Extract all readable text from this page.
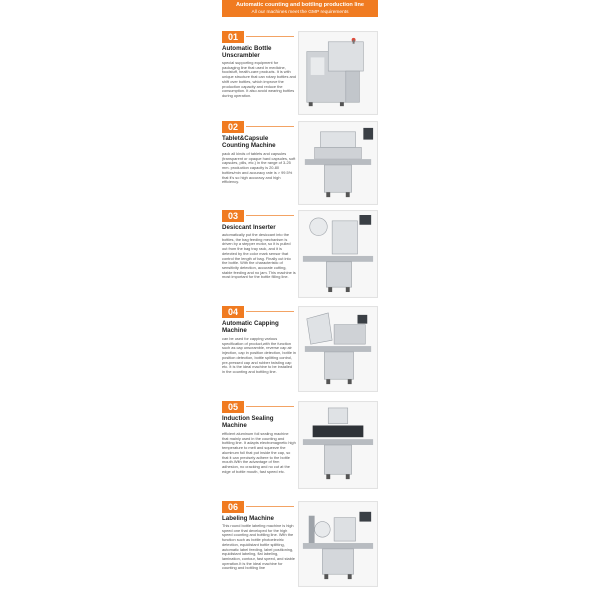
Automatic counting and bottling production line
All our machines meet the GMP requirements
01
Automatic Bottle Unscrambler
special supporting equipment for packaging line that used in medicine, foodstuff, health-care products. It is with unique structure that can rotary bottles and shift over bottles, which improve the production capacity and reduce the consumption. It also avoid wearing bottles during operation.
02
Tablet&Capsule Counting Machine
pack all kinds of tablets and capsules (transparent or opaque hard capsules, soft capsules, pills, etc.) in the range of 3-25 mm. production capacity is 20-80 bottles/min and accuracy rate is > 99.5% that it's so high accuracy and high efficiency.
03
Desiccant Inserter
automatically put the desiccant into the bottles, the bag feeding mechanism is driven by a stepper motor, so it is pulled out from the bag tray rack, and it is detected by the color mark sensor that control the length of bag. Finally cut into the bottle. With the characteristic of sensitivity detection, accurate cutting, stable feeding and no jam. This machine is most important for the bottle filling line.
04
Automatic Capping Machine
can be used for capping various specification of product,with the function such as cap unscramble, reverse cap air injection, cap in position detection, bottle in position detection, bottle splitting control, pre-pressed cap and rubber twisting cap etc. It is the ideal machine to be installed in the counting and bottling line.
05
Induction Sealing Machine
efficient aluminum foil sealing machine that mainly used in the counting and bottling line. It adapts electromagnetic high temperature to melt and squeeze the aluminum foil that put inside the cap, so that it can precisely adhere to the bottle mouth.With the advantage of firm adhesion, no cracking and no cut at the edge of bottle mouth, fast speed etc.
06
Labeling Machine
This round bottle labeling machine is high speed one that developed for the high speed counting and bottling line. With the function such as bottle photoelectric detection, equidistant bottle splitting, automatic label feeding, label positioning, equidistant labeling, flat labeling, lamination, contour, fast speed, and stable operation.It is the ideal machine for counting and bottling line
